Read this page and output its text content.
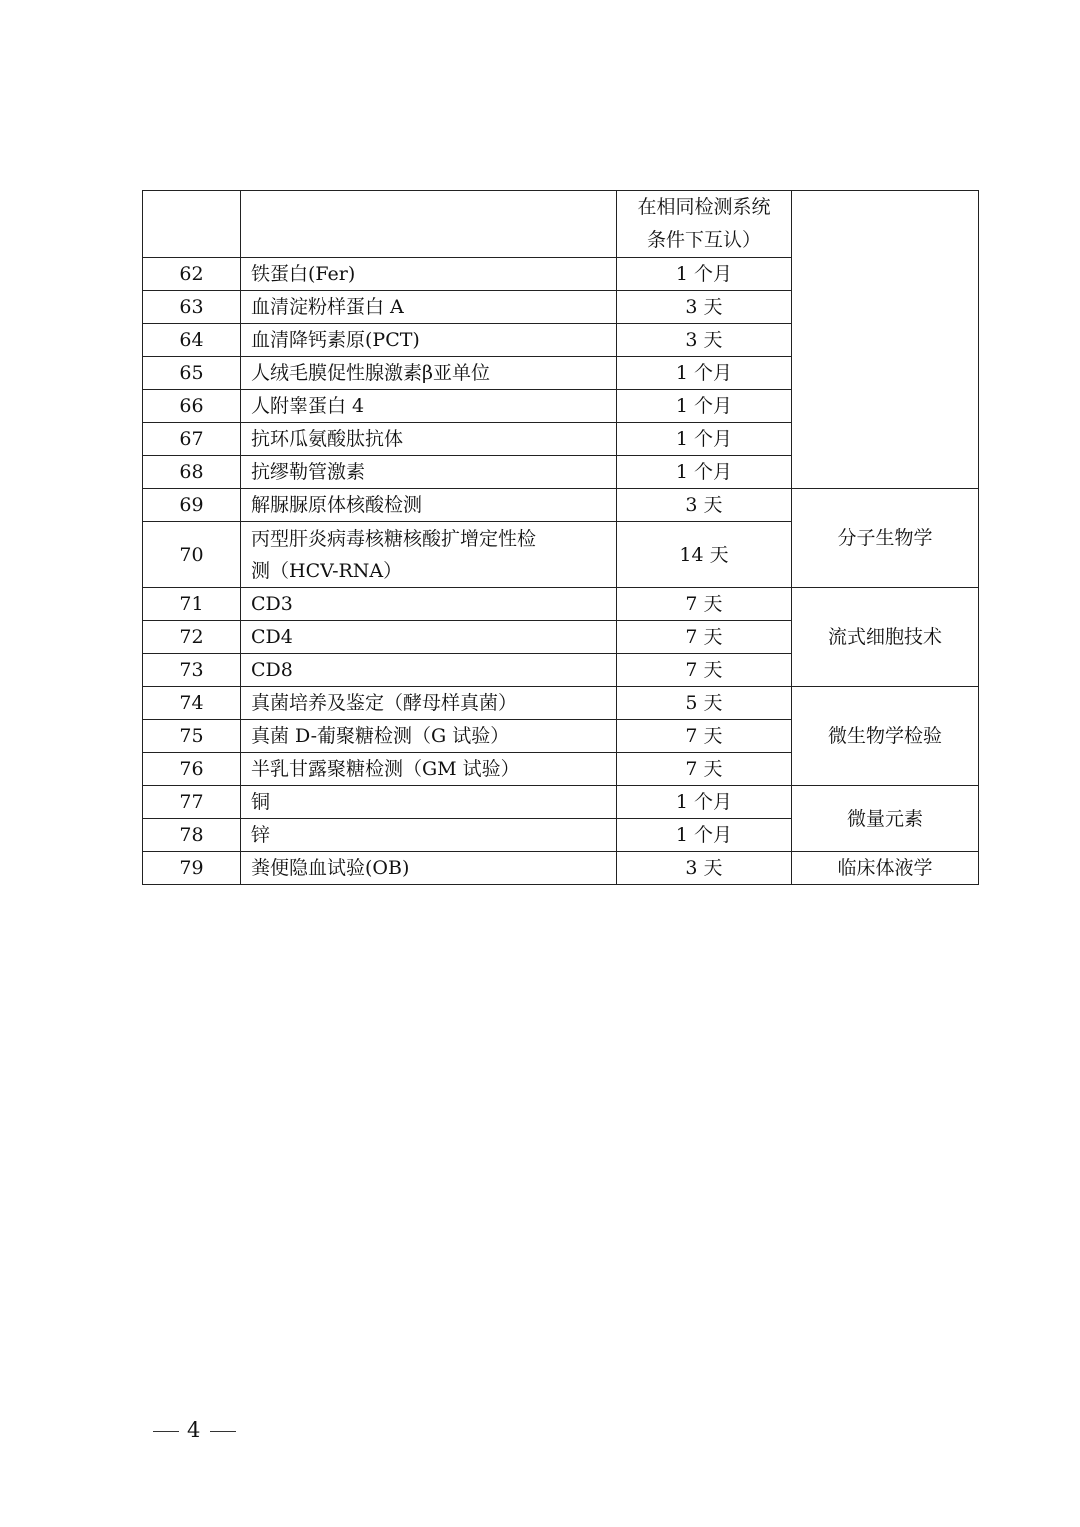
		在相同检测系统
条件下互认）	
62	铁蛋白(Fer)	1 个月	
63	血清淀粉样蛋白 A	3 天	
64	血清降钙素原(PCT)	3 天	
65	人绒毛膜促性腺激素β亚单位	1 个月	
66	人附睾蛋白 4	1 个月	
67	抗环瓜氨酸肽抗体	1 个月	
68	抗缪勒管激素	1 个月	
69	解脲脲原体核酸检测	3 天	分子生物学
70	丙型肝炎病毒核糖核酸扩增定性检
测（HCV-RNA）	14 天	
71	CD3	7 天	流式细胞技术
72	CD4	7 天	
73	CD8	7 天	
74	真菌培养及鉴定（酵母样真菌）	5 天	微生物学检验
75	真菌 D-葡聚糖检测（G 试验）	7 天	
76	半乳甘露聚糖检测（GM 试验）	7 天	
77	铜	1 个月	微量元素
78	锌	1 个月	
79	粪便隐血试验(OB)	3 天	临床体液学
4
